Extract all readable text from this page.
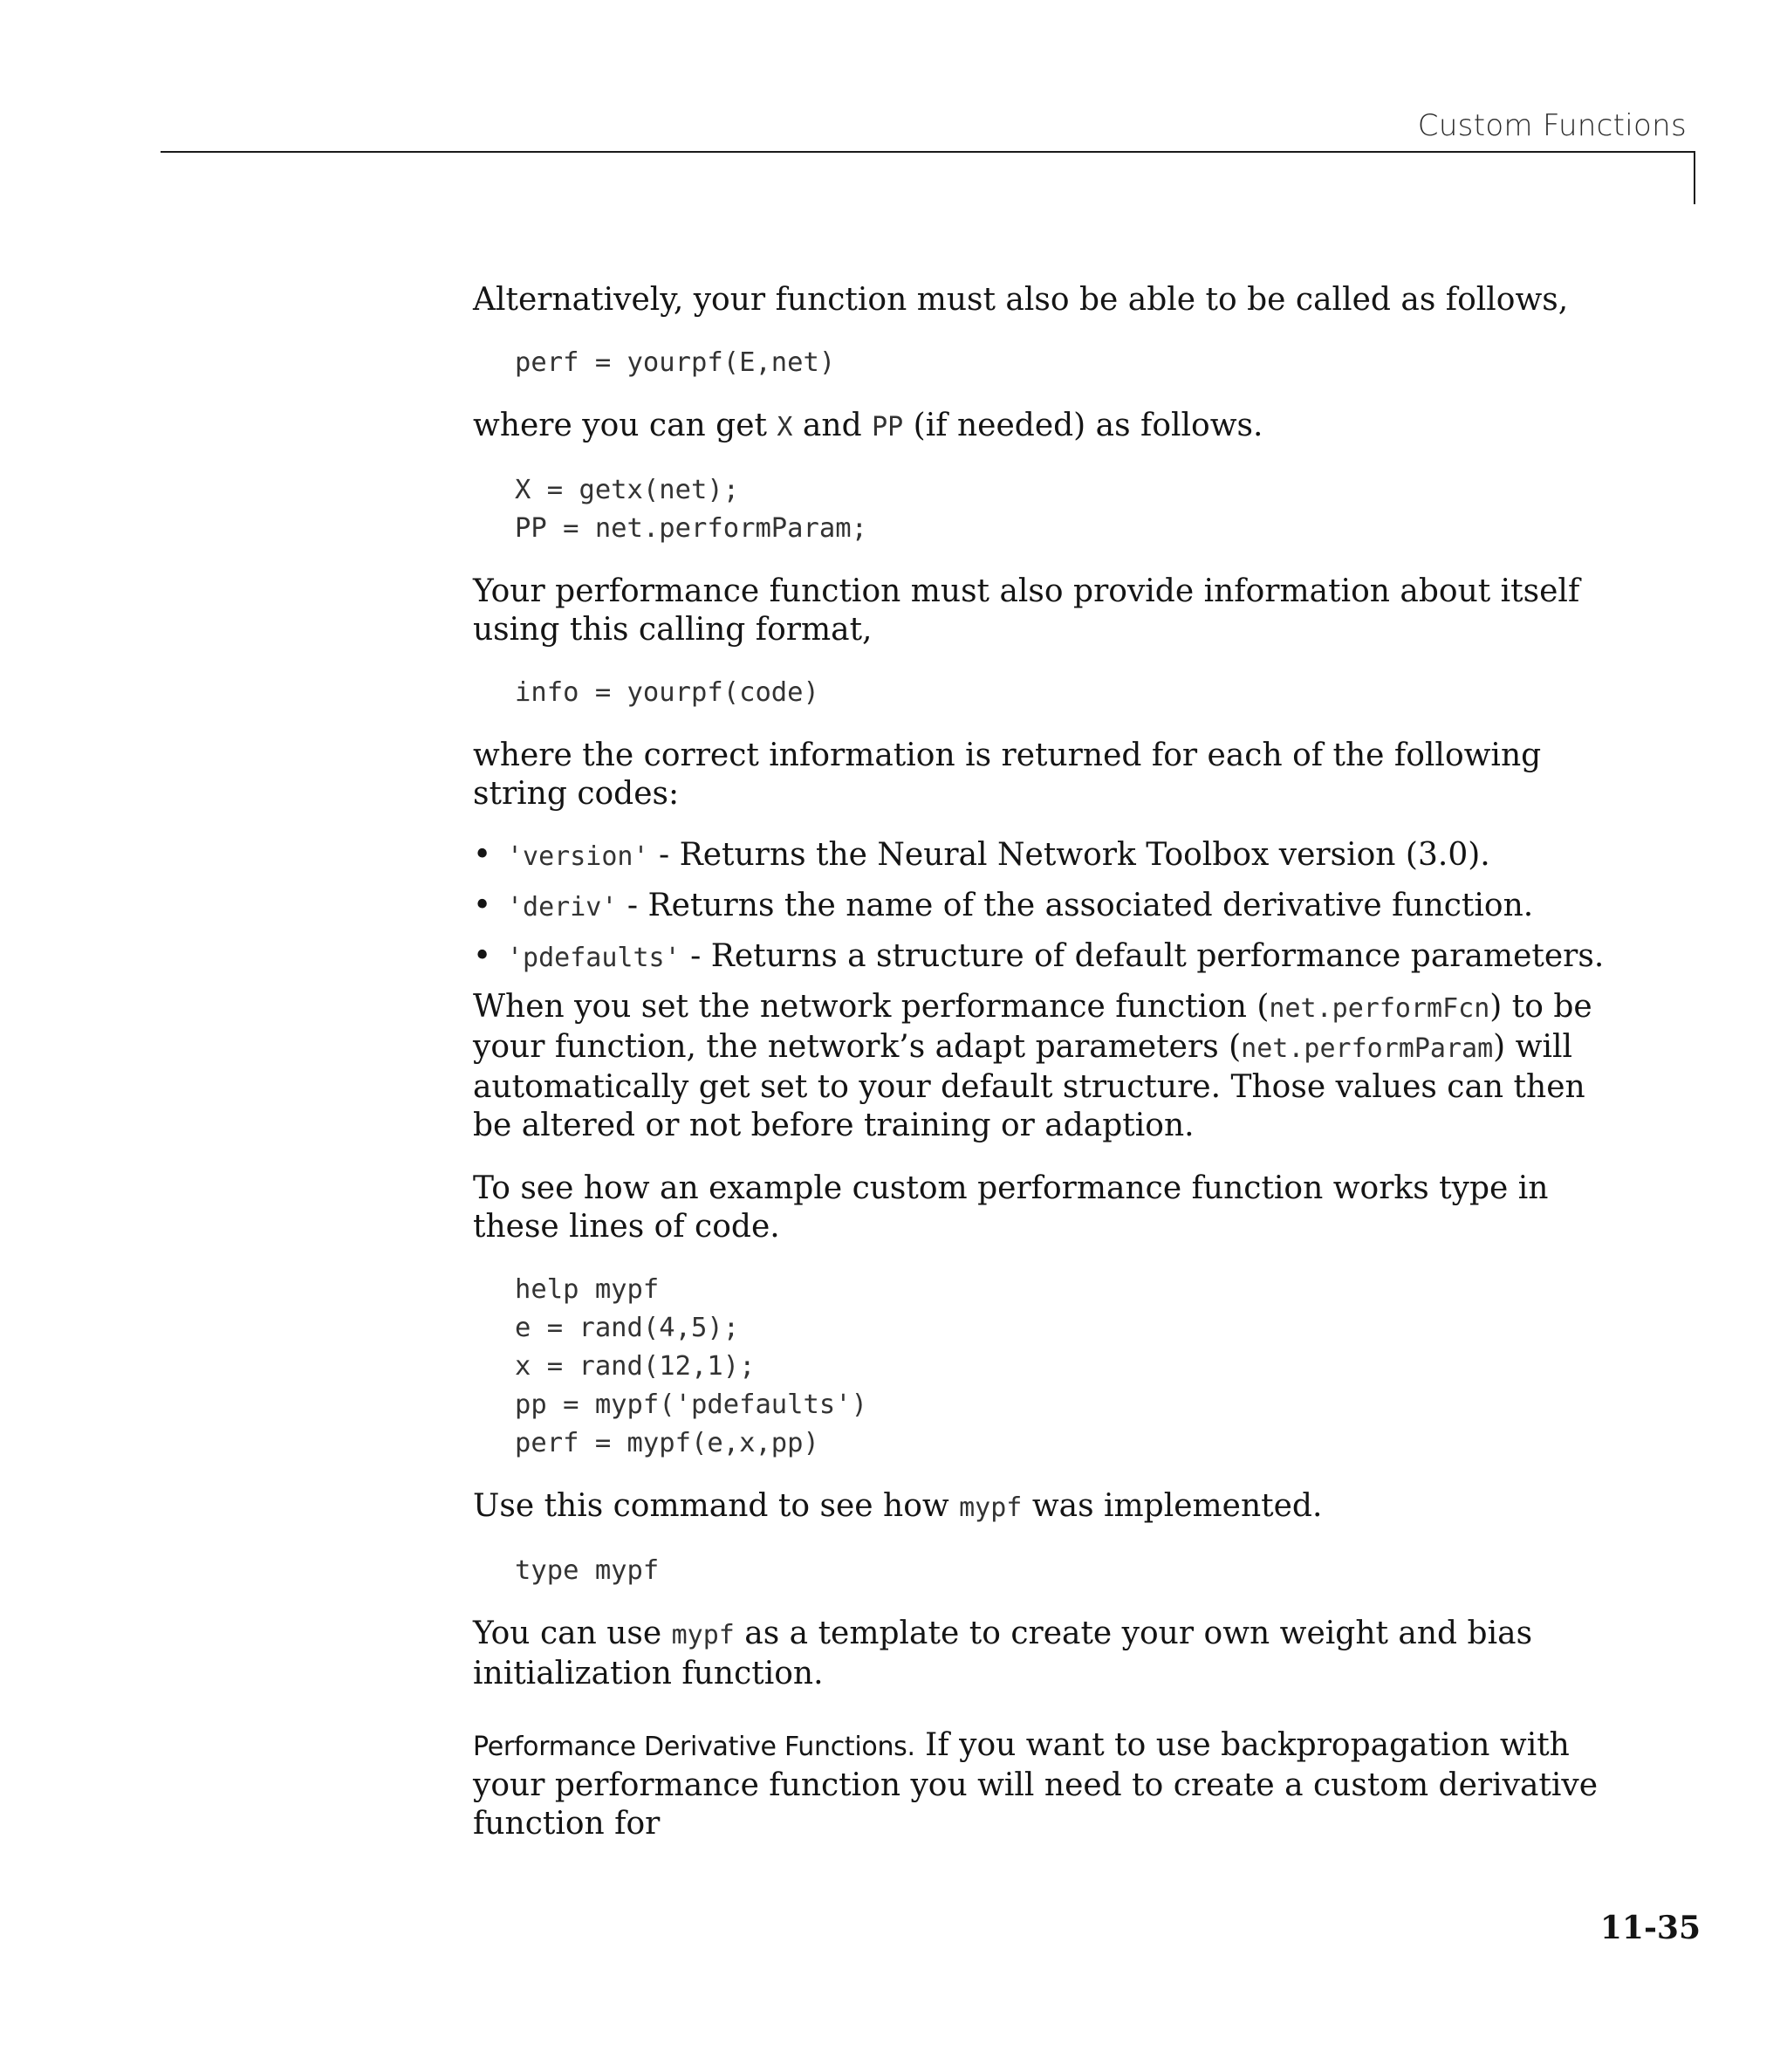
Custom Functions

Alternatively, your function must also be able to be called as follows,

perf = yourpf(E,net)

where you can get X and PP (if needed) as follows.

X = getx(net);
PP = net.performParam;

Your performance function must also provide information about itself using this calling format,

info = yourpf(code)

where the correct information is returned for each of the following string codes:

• 'version' - Returns the Neural Network Toolbox version (3.0).
• 'deriv' - Returns the name of the associated derivative function.
• 'pdefaults' - Returns a structure of default performance parameters.

When you set the network performance function (net.performFcn) to be your function, the network’s adapt parameters (net.performParam) will automatically get set to your default structure. Those values can then be altered or not before training or adaption.

To see how an example custom performance function works type in these lines of code.

help mypf
e = rand(4,5);
x = rand(12,1);
pp = mypf('pdefaults')
perf = mypf(e,x,pp)

Use this command to see how mypf was implemented.

type mypf

You can use mypf as a template to create your own weight and bias initialization function.

Performance Derivative Functions. If you want to use backpropagation with your performance function you will need to create a custom derivative function for

11-35
